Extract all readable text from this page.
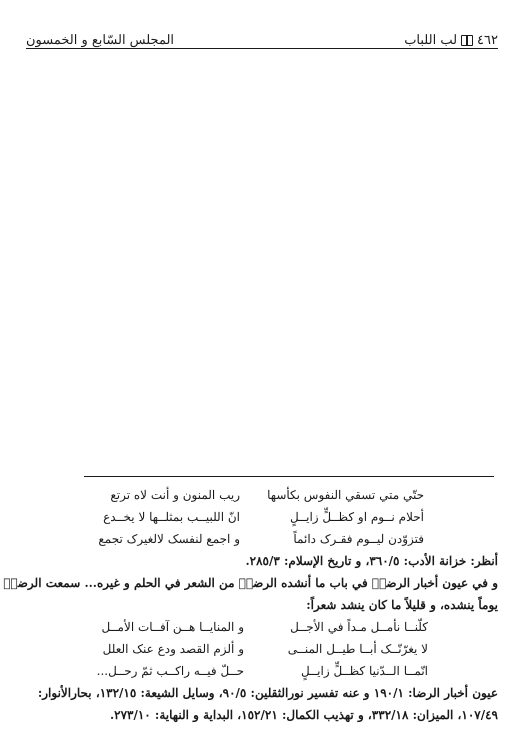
٤٦٢
لب اللباب
المجلس السّابع و الخمسون
حتّي متي تسقي النفوس بكأسها
ريب المنون و أنت لاه ترتع
أحلام نــوم او كظــلٍّ زايــلٍ
انّ اللبيــب بمثلــها لا يخــدع
فتزوّدن ليــوم فقـرک دائماً
و اجمع لنفسک لالغيرک تجمع
أنظر: خزانة الأدب: ٣٦٠/٥، و تاريخ الإسلام: ٢٨٥/٣.
و في عيون أخبار الرضاؑ في باب ما أنشده الرضاؑ من الشعر في الحلم و غيره... سمعت الرضاؑ
يوماً ينشده، و قليلاً ما كان ينشد شعراً:
كلّنــا نأمــل مـداً في الأجــل
و المنايــا هــن آفــات الأمــل
لا يغرّنّــک أبــا طيــل المنــى
و ألزم القصد ودع عنک العلل
انّمــا الــدّنيا كظــلٍّ زايــلٍ
حــلّ فيــه راكــب ثمّ رحــل...
عيون أخبار الرضا: ١٩٠/١ و عنه تفسير نورالثقلين: ٩٠/٥، وسايل الشيعة: ١٣٢/١٥، بحارالأنوار:
١٠٧/٤٩، الميزان: ٣٣٢/١٨، و تهذيب الكمال: ١٥٢/٢١، البداية و النهاية: ٢٧٣/١٠.
